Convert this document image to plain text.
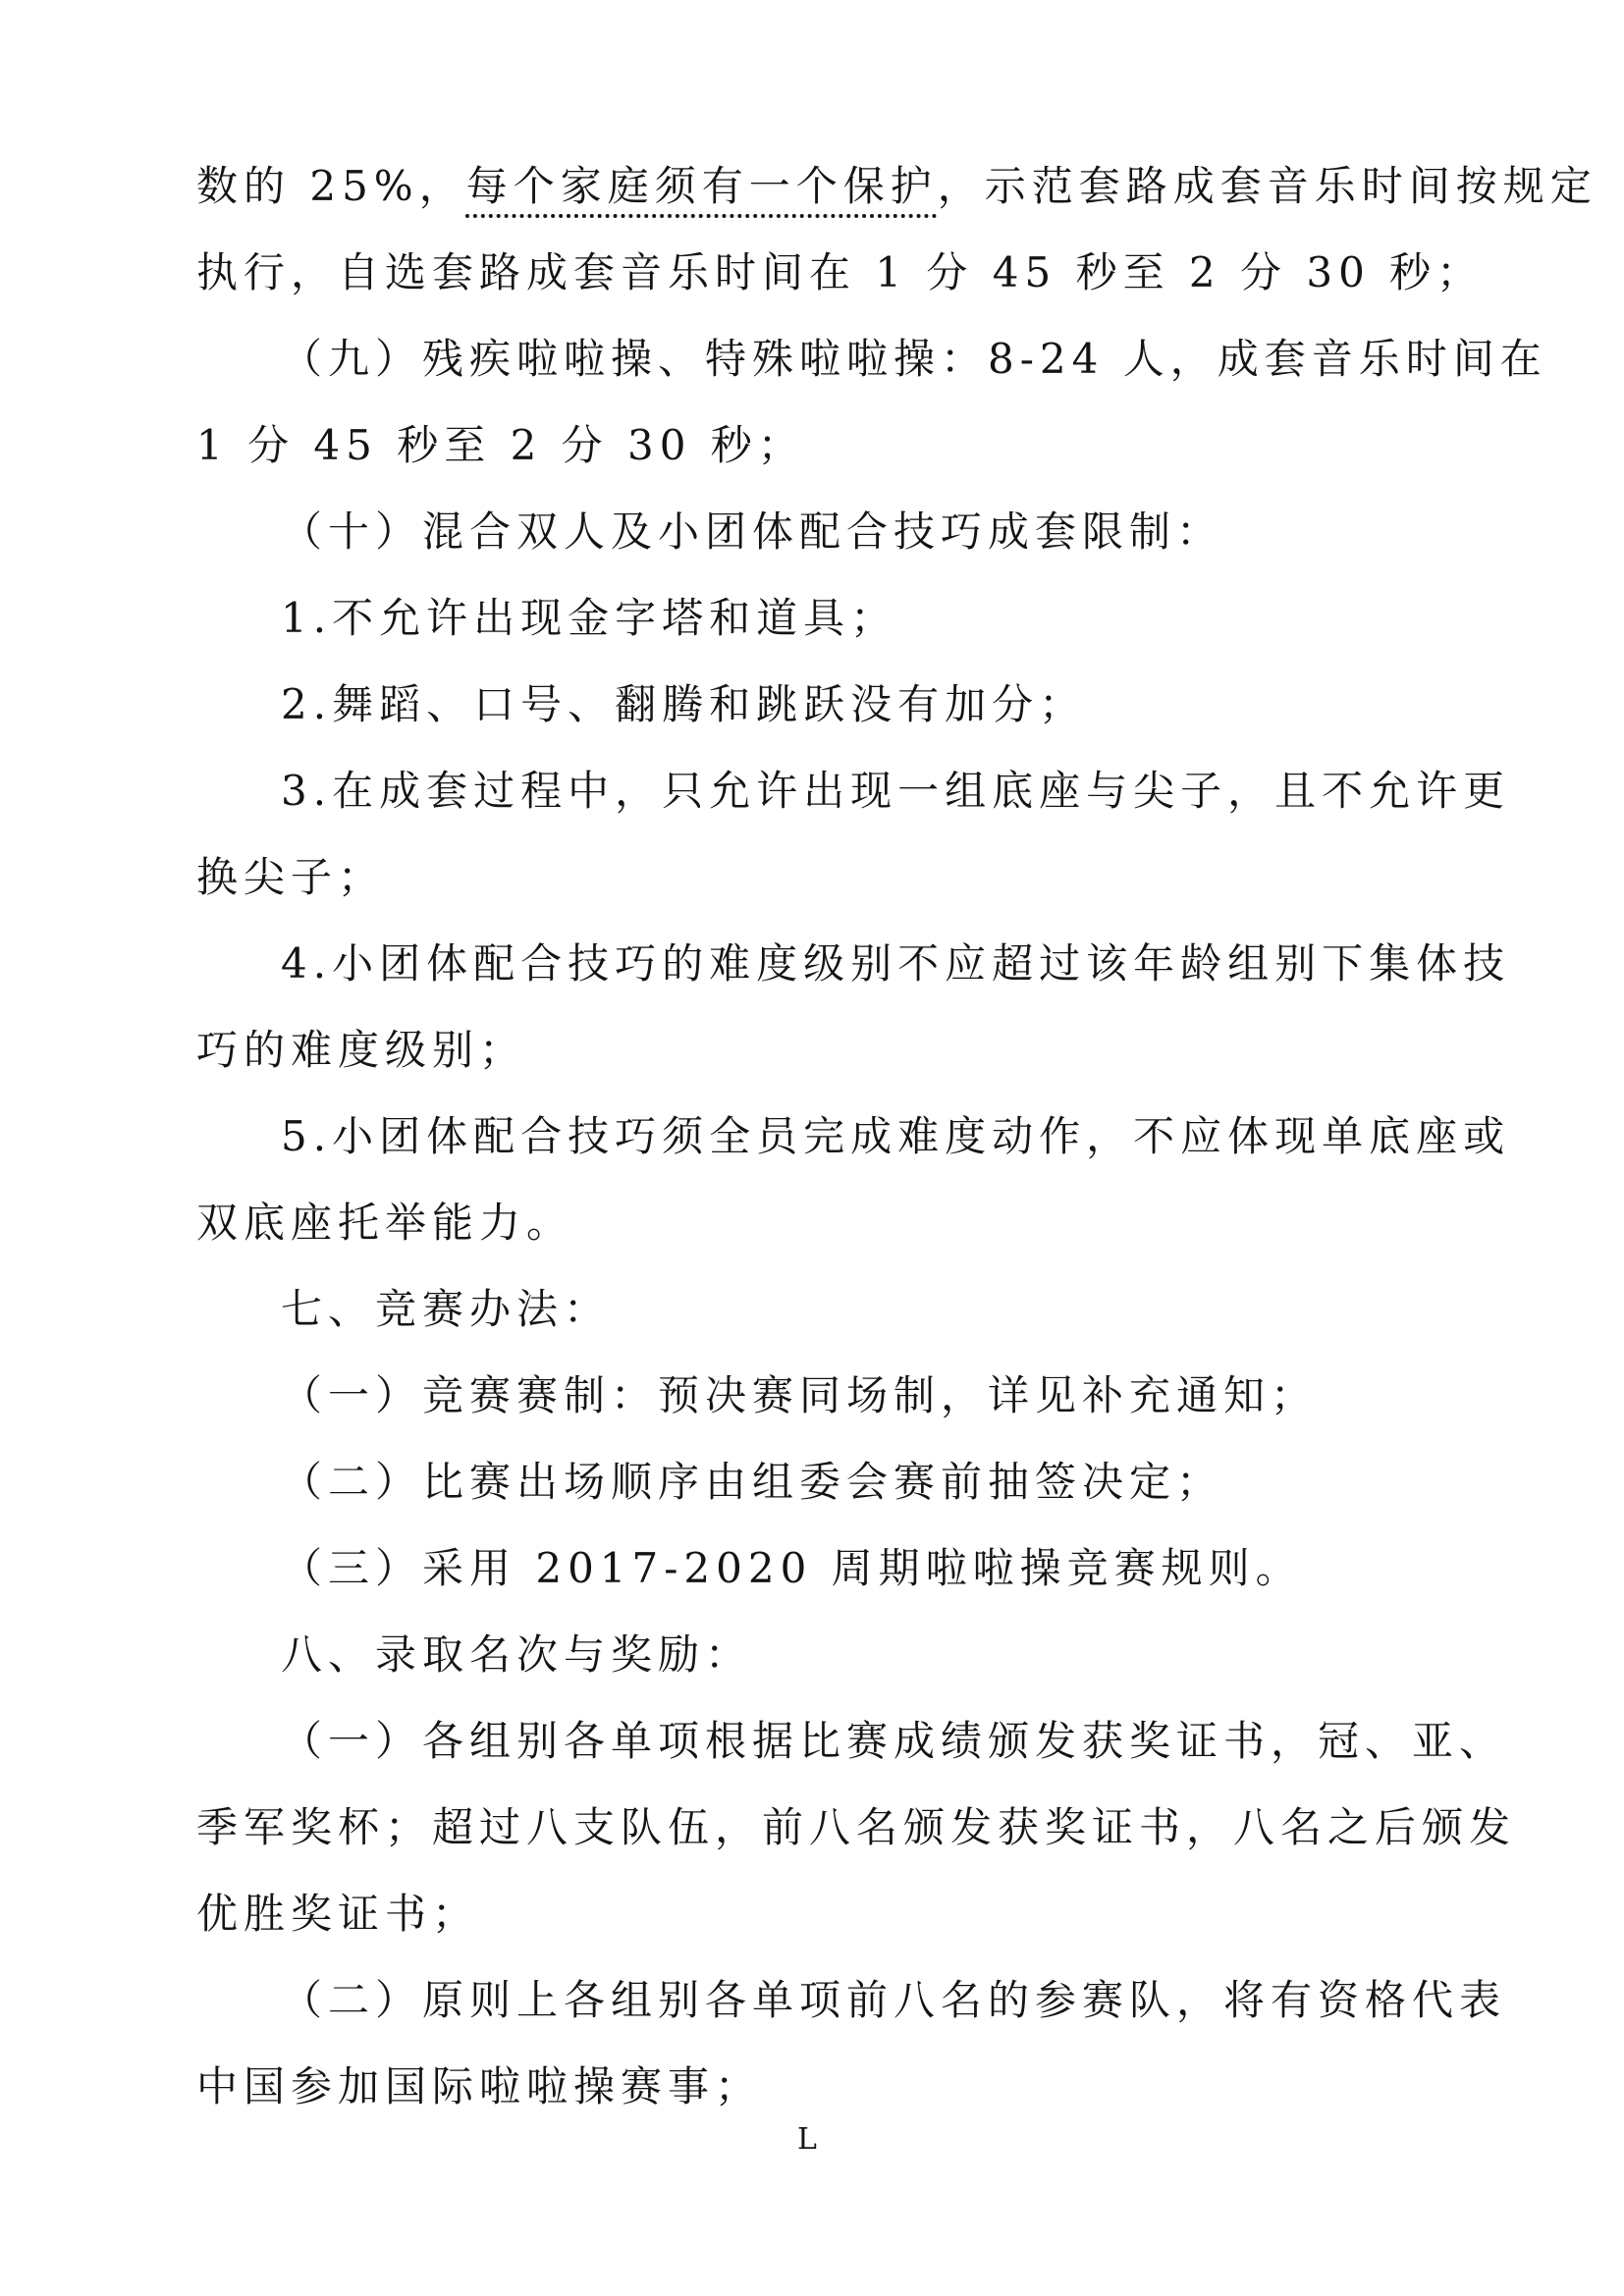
数的 25%，每个家庭须有一个保护，示范套路成套音乐时间按规定
执行，自选套路成套音乐时间在 1 分 45 秒至 2 分 30 秒；
（九）残疾啦啦操、特殊啦啦操：8-24 人，成套音乐时间在
1 分 45 秒至 2 分 30 秒；
（十）混合双人及小团体配合技巧成套限制：
1.不允许出现金字塔和道具；
2.舞蹈、口号、翻腾和跳跃没有加分；
3.在成套过程中，只允许出现一组底座与尖子，且不允许更
换尖子；
4.小团体配合技巧的难度级别不应超过该年龄组别下集体技
巧的难度级别；
5.小团体配合技巧须全员完成难度动作，不应体现单底座或
双底座托举能力。
七、竞赛办法：
（一）竞赛赛制：预决赛同场制，详见补充通知；
（二）比赛出场顺序由组委会赛前抽签决定；
（三）采用 2017-2020 周期啦啦操竞赛规则。
八、录取名次与奖励：
（一）各组别各单项根据比赛成绩颁发获奖证书，冠、亚、
季军奖杯；超过八支队伍，前八名颁发获奖证书，八名之后颁发
优胜奖证书；
（二）原则上各组别各单项前八名的参赛队，将有资格代表
中国参加国际啦啦操赛事；
L
